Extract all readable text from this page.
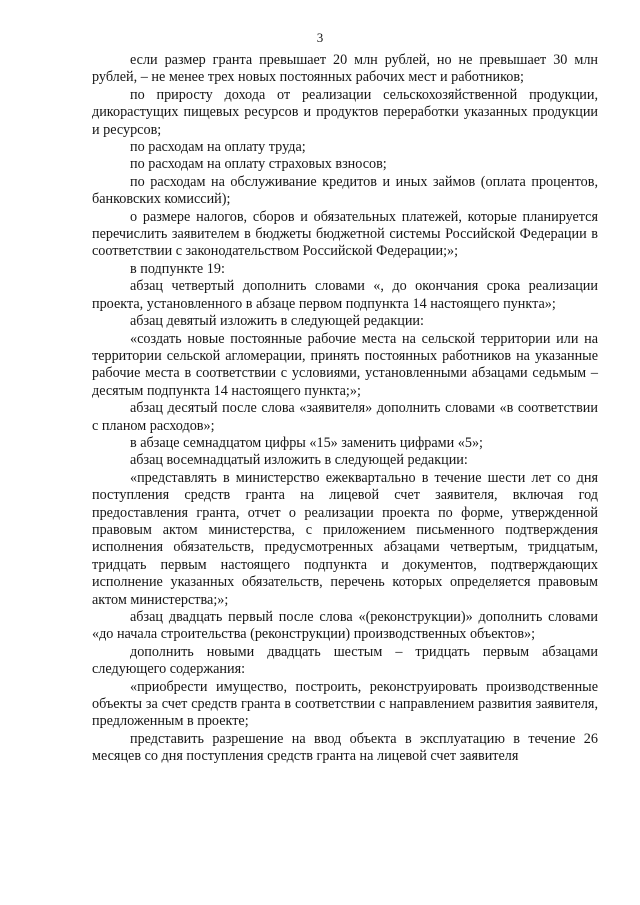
3

если размер гранта превышает 20 млн рублей, но не превышает 30 млн рублей, – не менее трех новых постоянных рабочих мест и работников;

по приросту дохода от реализации сельскохозяйственной продукции, дикорастущих пищевых ресурсов и продуктов переработки указанных продукции и ресурсов;

по расходам на оплату труда;

по расходам на оплату страховых взносов;

по расходам на обслуживание кредитов и иных займов (оплата процентов, банковских комиссий);

о размере налогов, сборов и обязательных платежей, которые планируется перечислить заявителем в бюджеты бюджетной системы Российской Федерации в соответствии с законодательством Российской Федерации;»;

в подпункте 19:

абзац четвертый дополнить словами «, до окончания срока реализации проекта, установленного в абзаце первом подпункта 14 настоящего пункта»;

абзац девятый изложить в следующей редакции:

«создать новые постоянные рабочие места на сельской территории или на территории сельской агломерации, принять постоянных работников на указанные рабочие места в соответствии с условиями, установленными абзацами седьмым – десятым подпункта 14 настоящего пункта;»;

абзац десятый после слова «заявителя» дополнить словами «в соответствии с планом расходов»;

в абзаце семнадцатом цифры «15» заменить цифрами «5»;

абзац восемнадцатый изложить в следующей редакции:

«представлять в министерство ежеквартально в течение шести лет со дня поступления средств гранта на лицевой счет заявителя, включая год предоставления гранта, отчет о реализации проекта по форме, утвержденной правовым актом министерства, с приложением письменного подтверждения исполнения обязательств, предусмотренных абзацами четвертым, тридцатым, тридцать первым настоящего подпункта и документов, подтверждающих исполнение указанных обязательств, перечень которых определяется правовым актом министерства;»;

абзац двадцать первый после слова «(реконструкции)» дополнить словами «до начала строительства (реконструкции) производственных объектов»;

дополнить новыми двадцать шестым – тридцать первым абзацами следующего содержания:

«приобрести имущество, построить, реконструировать производственные объекты за счет средств гранта в соответствии с направлением развития заявителя, предложенным в проекте;

представить разрешение на ввод объекта в эксплуатацию в течение 26 месяцев со дня поступления средств гранта на лицевой счет заявителя
